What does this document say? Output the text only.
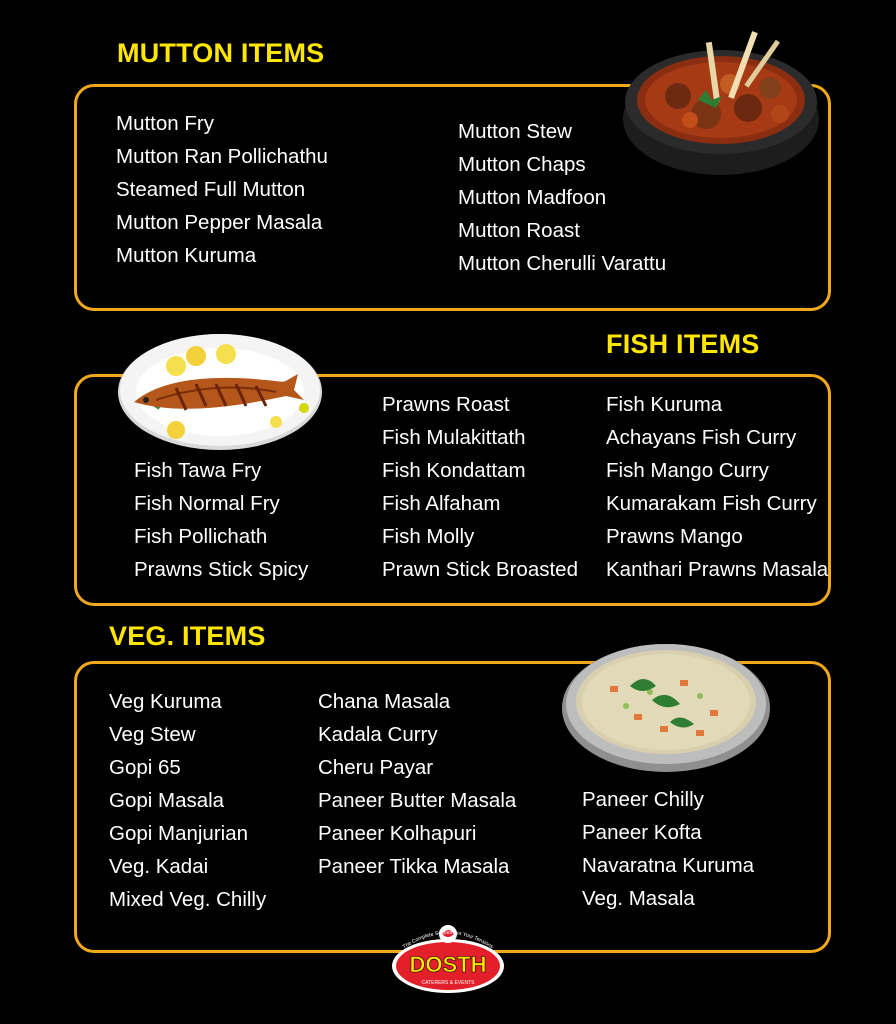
MUTTON ITEMS
Mutton Fry
Mutton Ran Pollichathu
Steamed Full Mutton
Mutton Pepper Masala
Mutton Kuruma
Mutton Stew
Mutton Chaps
Mutton Madfoon
Mutton Roast
Mutton Cherulli Varattu
FISH ITEMS
Fish Tawa Fry
Fish Normal Fry
Fish Pollichath
Prawns Stick Spicy
Prawns Roast
Fish Mulakittath
Fish Kondattam
Fish Alfaham
Fish Molly
Prawn Stick Broasted
Fish Kuruma
Achayans Fish Curry
Fish Mango Curry
Kumarakam Fish Curry
Prawns Mango
Kanthari Prawns Masala
VEG. ITEMS
Veg Kuruma
Veg Stew
Gopi 65
Gopi Masala
Gopi Manjurian
Veg. Kadai
Mixed Veg. Chilly
Chana Masala
Kadala Curry
Cheru Payar
Paneer Butter Masala
Paneer Kolhapuri
Paneer Tikka Masala
Paneer Chilly
Paneer Kofta
Navaratna Kuruma
Veg. Masala
DOSTH
CATERERS & EVENTS
The Complete Solution for Your Tensions
